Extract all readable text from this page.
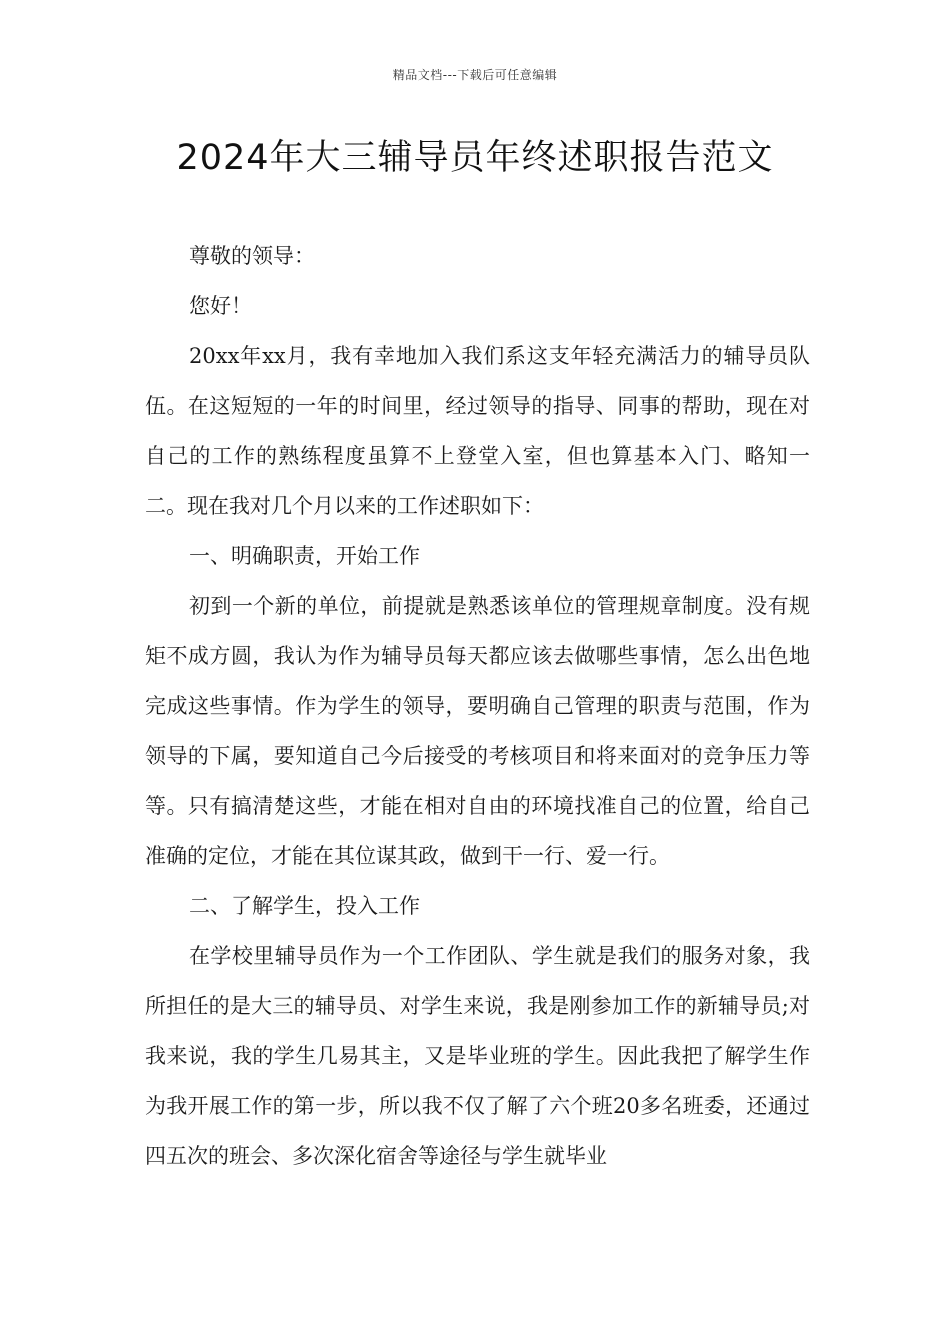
精品文档---下载后可任意编辑
2024年大三辅导员年终述职报告范文

尊敬的领导：

您好！

20xx年xx月，我有幸地加入我们系这支年轻充满活力的辅导员队伍。在这短短的一年的时间里，经过领导的指导、同事的帮助，现在对自己的工作的熟练程度虽算不上登堂入室，但也算基本入门、略知一二。现在我对几个月以来的工作述职如下：

一、明确职责，开始工作

初到一个新的单位，前提就是熟悉该单位的管理规章制度。没有规矩不成方圆，我认为作为辅导员每天都应该去做哪些事情，怎么出色地完成这些事情。作为学生的领导，要明确自己管理的职责与范围，作为领导的下属，要知道自己今后接受的考核项目和将来面对的竞争压力等等。只有搞清楚这些，才能在相对自由的环境找准自己的位置，给自己准确的定位，才能在其位谋其政，做到干一行、爱一行。

二、了解学生，投入工作

在学校里辅导员作为一个工作团队、学生就是我们的服务对象，我所担任的是大三的辅导员、对学生来说，我是刚参加工作的新辅导员;对我来说，我的学生几易其主，又是毕业班的学生。因此我把了解学生作为我开展工作的第一步，所以我不仅了解了六个班20多名班委，还通过四五次的班会、多次深化宿舍等途径与学生就毕业
